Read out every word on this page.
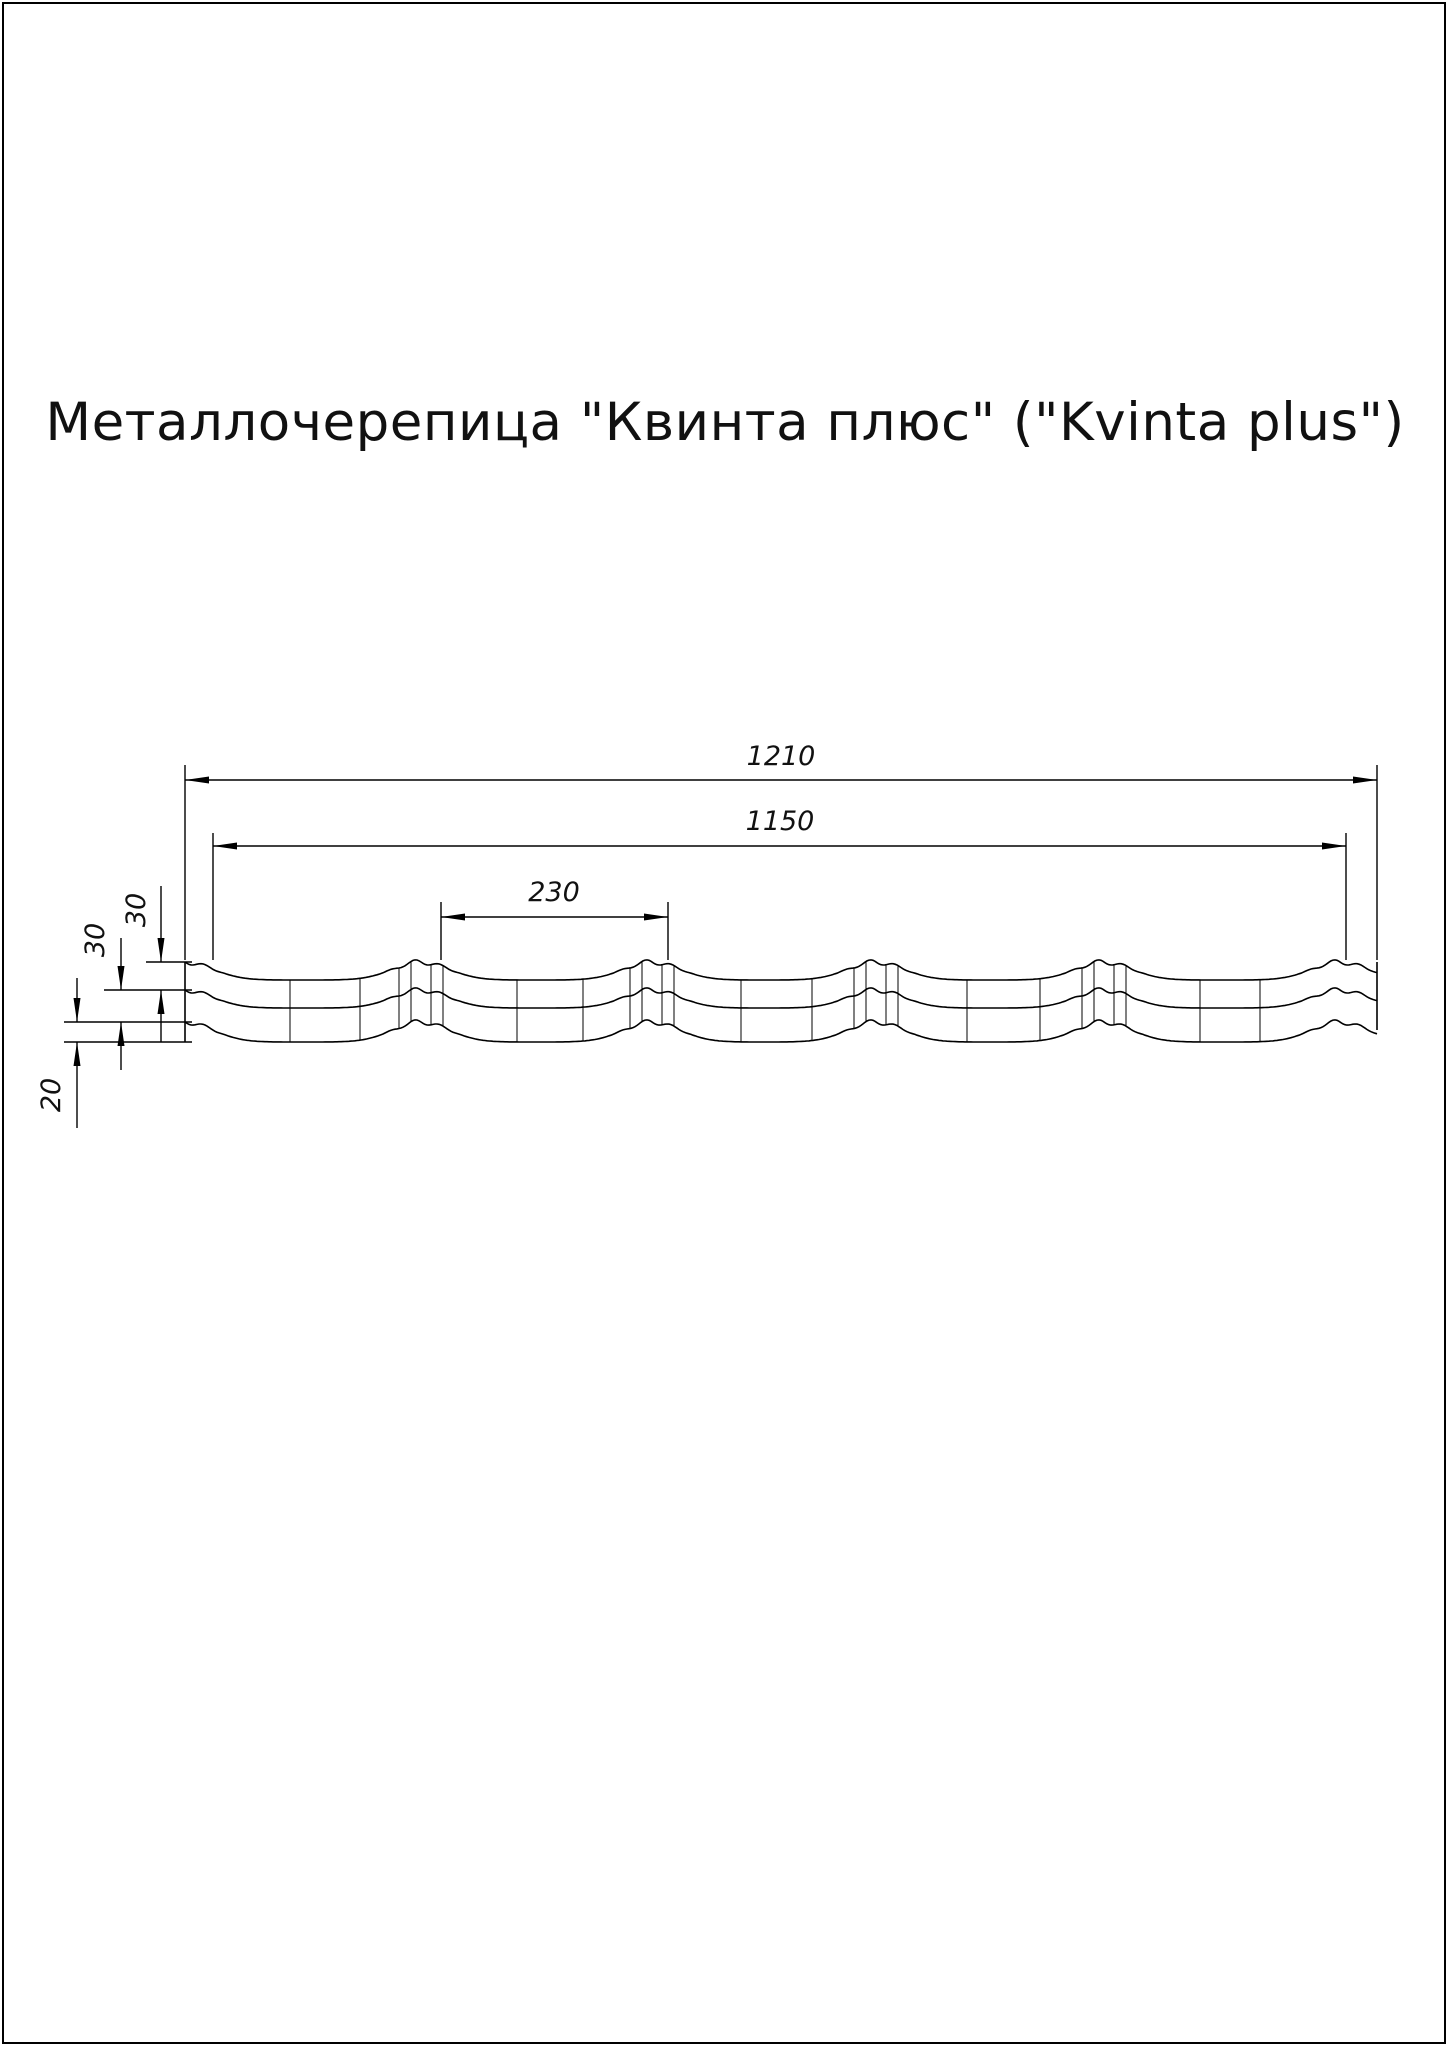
Металлочерепица "Квинта плюс" ("Kvinta plus")
1210
1150
230
30
30
20
